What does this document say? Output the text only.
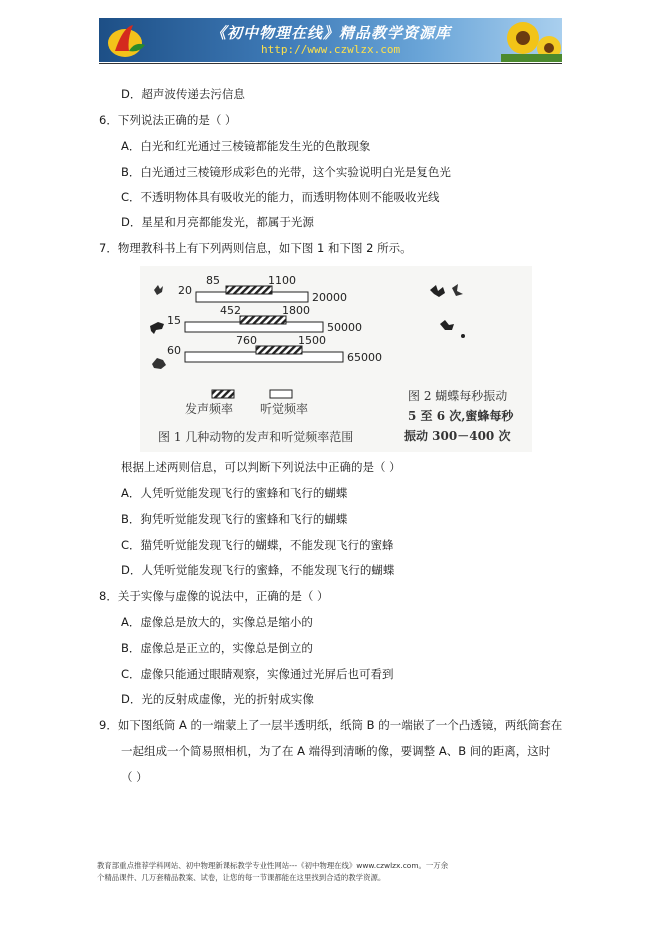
《初中物理在线》精品教学资源库
http://www.czwlzx.com
D．超声波传递去污信息
6．下列说法正确的是（ ）
A．白光和红光通过三棱镜都能发生光的色散现象
B．白光通过三棱镜形成彩色的光带，这个实验说明白光是复色光
C．不透明物体具有吸收光的能力，而透明物体则不能吸收光线
D．星星和月亮都能发光，都属于光源
7．物理教科书上有下列两则信息，如下图 1 和下图 2 所示。
20
85	1100
20000
15
452	1800
50000
60
760	1500
65000
发声频率 听觉频率
图 1 几种动物的发声和听觉频率范围
图 2 蝴蝶每秒振动
5 至 6 次,蜜蜂每秒
振动 300－400 次
根据上述两则信息，可以判断下列说法中正确的是（ ）
A．人凭听觉能发现飞行的蜜蜂和飞行的蝴蝶
B．狗凭听觉能发现飞行的蜜蜂和飞行的蝴蝶
C．猫凭听觉能发现飞行的蝴蝶，不能发现飞行的蜜蜂
D．人凭听觉能发现飞行的蜜蜂，不能发现飞行的蝴蝶
8．关于实像与虚像的说法中，正确的是（ ）
A．虚像总是放大的，实像总是缩小的
B．虚像总是正立的，实像总是倒立的
C．虚像只能通过眼睛观察，实像通过光屏后也可看到
D．光的反射成虚像，光的折射成实像
9．如下图纸筒 A 的一端蒙上了一层半透明纸，纸筒 B 的一端嵌了一个凸透镜，两纸筒套在
一起组成一个简易照相机，为了在 A 端得到清晰的像，要调整 A、B 间的距离，这时
（ ）
教育部重点推荐学科网站、初中物理新课标教学专业性网站---《初中物理在线》www.czwlzx.com。一万余
个精品课件、几万套精品教案、试卷，让您的每一节课都能在这里找到合适的教学资源。
